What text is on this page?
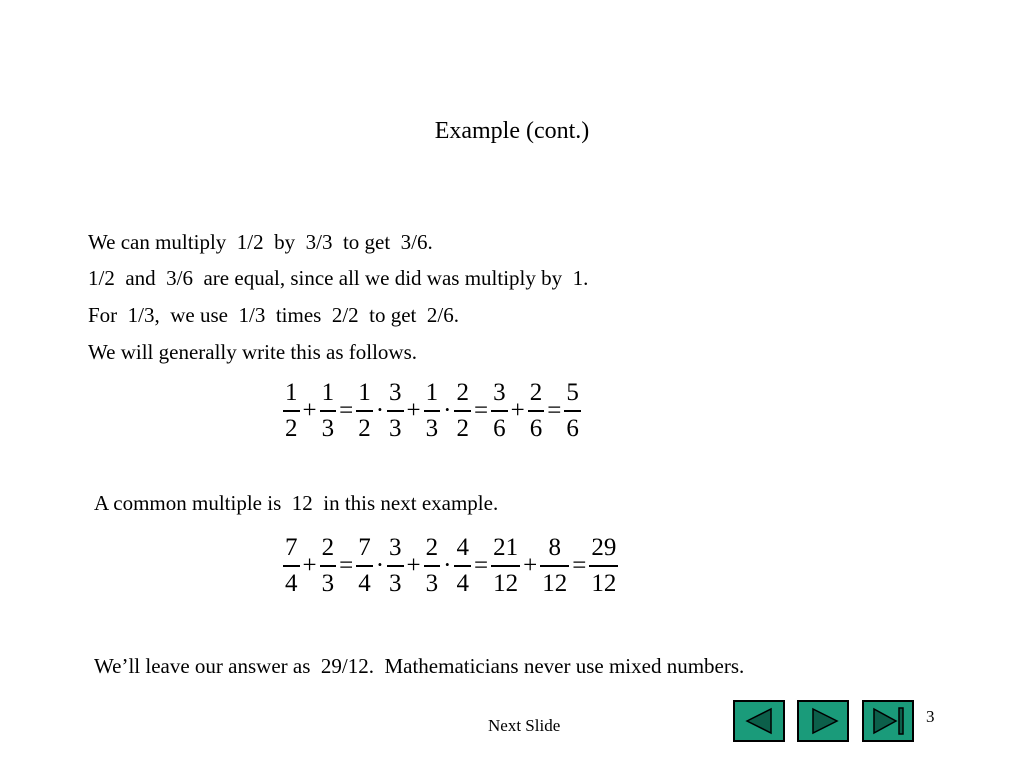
Example (cont.)
We can multiply  1/2  by  3/3  to get  3/6.
1/2  and  3/6  are equal, since all we did was multiply by  1.
For  1/3,  we use  1/3  times  2/2  to get  2/6.
We will generally write this as follows.
$\frac{1}{2} + \frac{1}{3} = \frac{1}{2} \cdot \frac{3}{3} + \frac{1}{3} \cdot \frac{2}{2} = \frac{3}{6} + \frac{2}{6} = \frac{5}{6}$
A common multiple is  12  in this next example.
$\frac{7}{4} + \frac{2}{3} = \frac{7}{4} \cdot \frac{3}{3} + \frac{2}{3} \cdot \frac{4}{4} = \frac{21}{12} + \frac{8}{12} = \frac{29}{12}$
We’ll leave our answer as  29/12.  Mathematicians never use mixed numbers.
Next Slide	3
